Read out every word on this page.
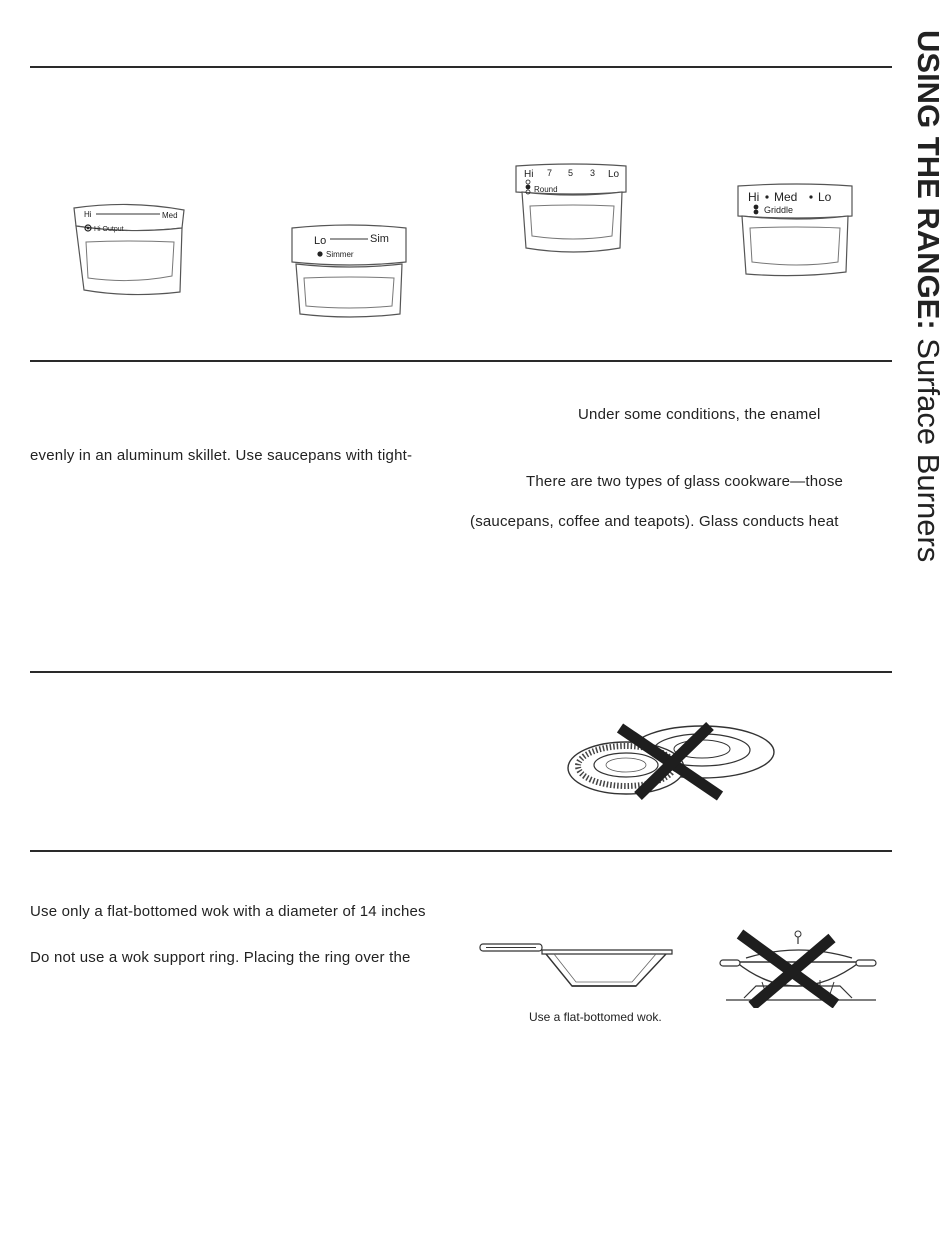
USING THE RANGE: Surface Burners
Hi	Med
Hi Output
Lo	Sim
Simmer
Hi 7 5 3 Lo
Round
Hi Med Lo
Griddle
Under some conditions, the enamel
evenly in an aluminum skillet. Use saucepans with tight-
There are two types of glass cookware—those
(saucepans, coffee and teapots). Glass conducts heat
Use only a flat-bottomed wok with a diameter of 14 inches
Do not use a wok support ring. Placing the ring over the
Use a flat-bottomed wok.
